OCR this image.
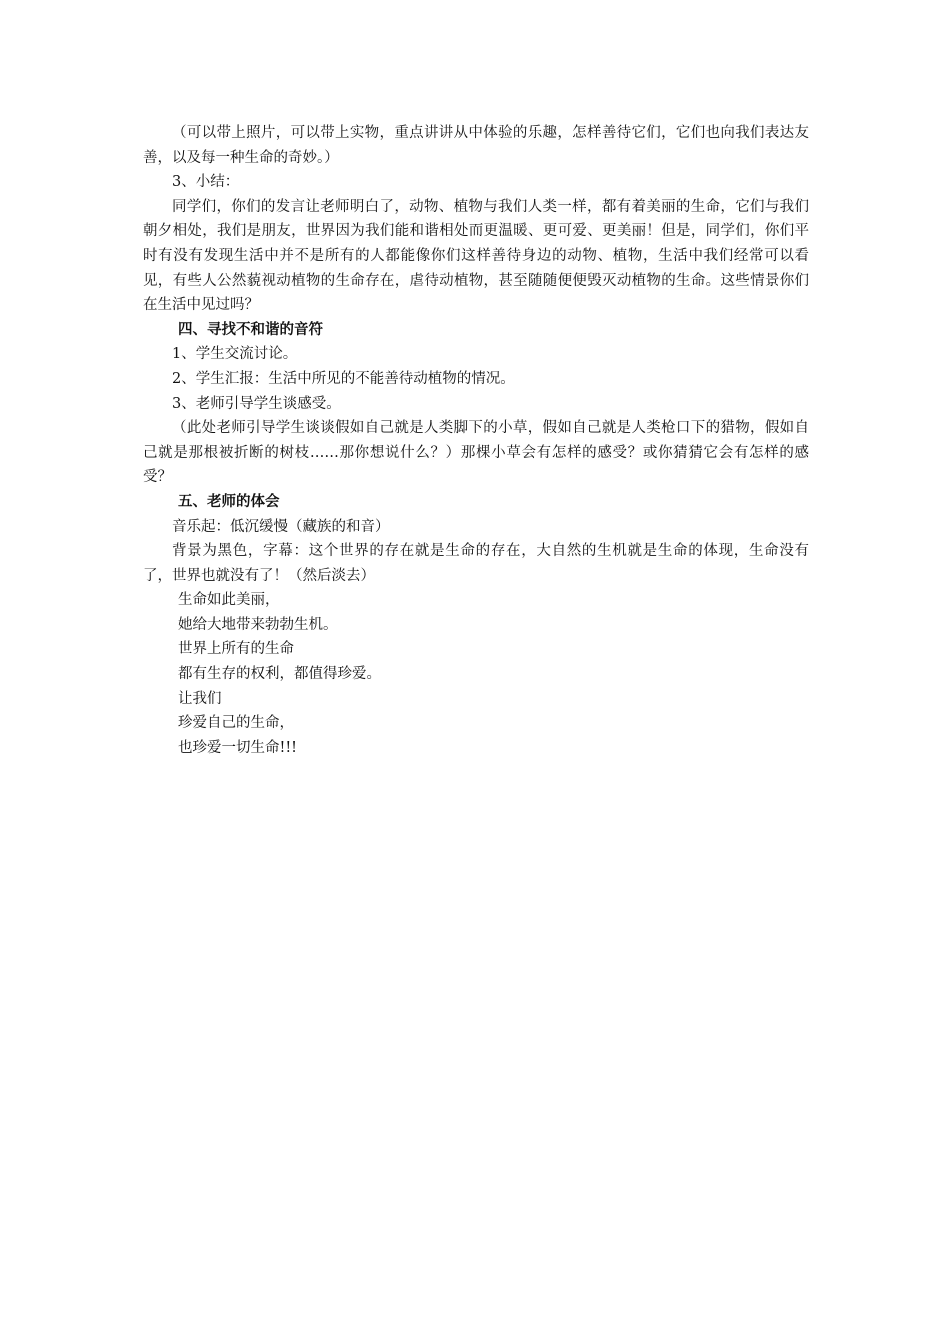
（可以带上照片，可以带上实物，重点讲讲从中体验的乐趣，怎样善待它们，它们也向我们表达友善，以及每一种生命的奇妙。）

3、小结：

同学们，你们的发言让老师明白了，动物、植物与我们人类一样，都有着美丽的生命，它们与我们朝夕相处，我们是朋友，世界因为我们能和谐相处而更温暖、更可爱、更美丽！但是，同学们，你们平时有没有发现生活中并不是所有的人都能像你们这样善待身边的动物、植物，生活中我们经常可以看见，有些人公然藐视动植物的生命存在，虐待动植物，甚至随随便便毁灭动植物的生命。这些情景你们在生活中见过吗？

四、寻找不和谐的音符

1、学生交流讨论。

2、学生汇报：生活中所见的不能善待动植物的情况。

3、老师引导学生谈感受。

（此处老师引导学生谈谈假如自己就是人类脚下的小草，假如自己就是人类枪口下的猎物，假如自己就是那根被折断的树枝……那你想说什么？）那棵小草会有怎样的感受？或你猜猜它会有怎样的感受？

五、老师的体会

音乐起：低沉缓慢（藏族的和音）

背景为黑色，字幕：这个世界的存在就是生命的存在，大自然的生机就是生命的体现，生命没有了，世界也就没有了！（然后淡去）

生命如此美丽，

她给大地带来勃勃生机。

世界上所有的生命

都有生存的权利，都值得珍爱。

让我们

珍爱自己的生命，

也珍爱一切生命!!!
